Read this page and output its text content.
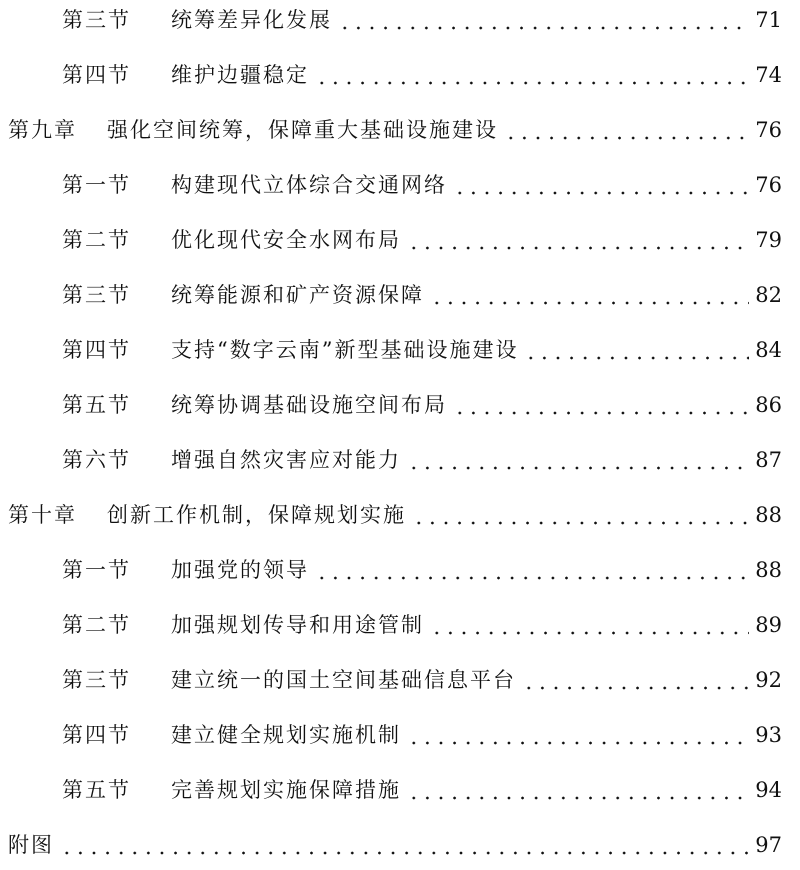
第三节 统筹差异化发展	71
第四节 维护边疆稳定	74
第九章 强化空间统筹，保障重大基础设施建设	76
第一节 构建现代立体综合交通网络	76
第二节 优化现代安全水网布局	79
第三节 统筹能源和矿产资源保障	82
第四节 支持“数字云南”新型基础设施建设	84
第五节 统筹协调基础设施空间布局	86
第六节 增强自然灾害应对能力	87
第十章 创新工作机制，保障规划实施	88
第一节 加强党的领导	88
第二节 加强规划传导和用途管制	89
第三节 建立统一的国土空间基础信息平台	92
第四节 建立健全规划实施机制	93
第五节 完善规划实施保障措施	94
附图	97
